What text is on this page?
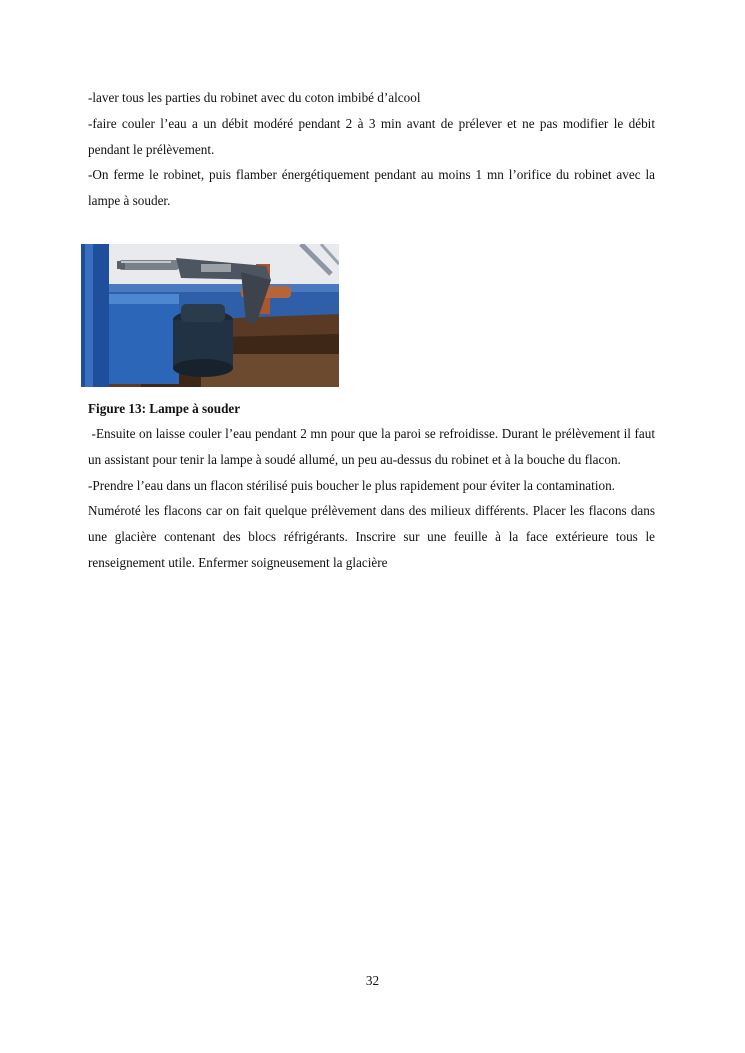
-laver tous les parties du robinet avec du coton imbibé d’alcool

-faire couler l’eau a un débit modéré pendant 2 à 3 min avant de prélever et ne pas modifier le débit pendant le prélèvement.

-On ferme le robinet, puis flamber énergétiquement pendant au moins 1 mn l’orifice du robinet avec la lampe à souder.

Figure 13: Lampe à souder

-Ensuite on laisse couler l’eau pendant 2 mn pour que la paroi se refroidisse. Durant le prélèvement il faut un assistant pour tenir la lampe à soudé allumé, un peu au-dessus du robinet et à la bouche du flacon.

-Prendre l’eau dans un flacon stérilisé puis boucher le plus rapidement pour éviter la contamination.

Numéroté les flacons car on fait quelque prélèvement dans des milieux différents. Placer les flacons dans une glacière contenant des blocs réfrigérants. Inscrire sur une feuille à la face extérieure tous le renseignement utile. Enfermer soigneusement la glacière

32
